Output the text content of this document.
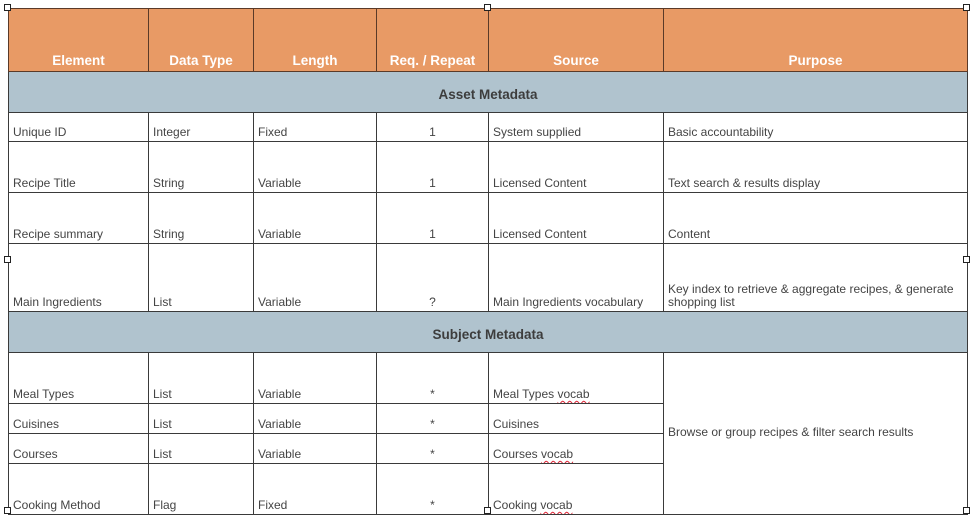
Element	Data Type	Length	Req. / Repeat	Source	Purpose
Asset Metadata					
Unique ID	Integer	Fixed	1	System supplied	Basic accountability
Recipe Title	String	Variable	1	Licensed Content	Text search & results display
Recipe summary	String	Variable	1	Licensed Content	Content
Main Ingredients	List	Variable	?	Main Ingredients vocabulary	Key index to retrieve & aggregate recipes, & generate shopping list
Subject Metadata					
Meal Types	List	Variable	*	Meal Types vocab	Browse or group recipes & filter search results
Cuisines	List	Variable	*	Cuisines	
Courses	List	Variable	*	Courses vocab	
Cooking Method	Flag	Fixed	*	Cooking vocab	
